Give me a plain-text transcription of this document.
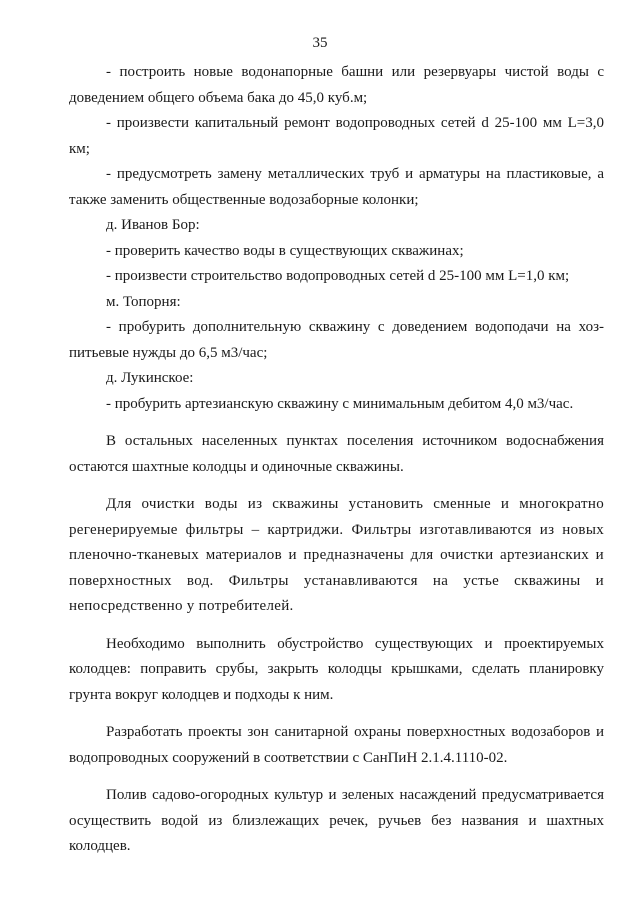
35

- построить новые водонапорные башни или резервуары чистой воды с доведением общего объема бака до 45,0 куб.м;

- произвести капитальный ремонт водопроводных сетей d 25-100 мм L=3,0 км;

- предусмотреть замену металлических труб и арматуры на пластиковые, а также заменить общественные водозаборные колонки;

д. Иванов Бор:

- проверить качество воды в существующих скважинах;

- произвести строительство водопроводных сетей d 25-100 мм L=1,0 км;

м. Топорня:

- пробурить дополнительную скважину с доведением водоподачи на хоз-питьевые нужды до 6,5 м3/час;

д. Лукинское:

- пробурить артезианскую скважину с минимальным дебитом 4,0 м3/час.

В остальных населенных пунктах поселения источником водоснабжения остаются шахтные колодцы и одиночные скважины.

Для очистки воды из скважины установить сменные и многократно регенерируемые фильтры – картриджи. Фильтры изготавливаются из новых пленочно-тканевых материалов и предназначены для очистки артезианских и поверхностных вод. Фильтры устанавливаются на устье скважины и непосредственно у потребителей.

Необходимо выполнить обустройство существующих и проектируемых колодцев: поправить срубы, закрыть колодцы крышками, сделать планировку грунта вокруг колодцев и подходы к ним.

Разработать проекты зон санитарной охраны поверхностных водозаборов и водопроводных сооружений в соответствии с СанПиН 2.1.4.1110-02.

Полив садово-огородных культур и зеленых насаждений предусматривается осуществить водой из близлежащих речек, ручьев без названия и шахтных колодцев.
